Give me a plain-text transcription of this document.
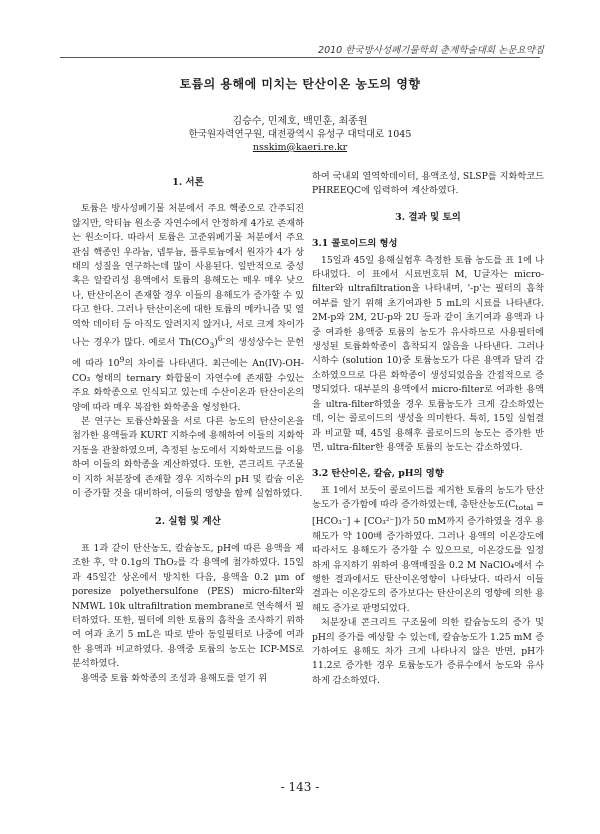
2010 한국방사성폐기물학회 춘계학술대회 논문요약집
토륨의 용해에 미치는 탄산이온 농도의 영향
김승수, 민제호, 백민훈, 최종원
한국원자력연구원, 대전광역시 유성구 대덕대로 1045
nsskim@kaeri.re.kr
1. 서론

토륨은 방사성폐기물 처분에서 주요 핵종으로 간주되진 않지만, 악티늄 원소중 자연수에서 안정하게 4가로 존재하는 원소이다. 따라서 토륨은 고준위폐기물 처분에서 주요 관심 핵종인 우라늄, 넵투늄, 플루토늄에서 원자가 4가 상태의 성질을 연구하는데 많이 사용된다. 일반적으로 중성 혹은 알칼리성 용액에서 토륨의 용해도는 매우 매우 낮으나, 탄산이온이 존재할 경우 이들의 용해도가 증가할 수 있다고 한다. 그러나 탄산이온에 대한 토륨의 메카니즘 및 열역학 데이터 등 아직도 알려지지 않거나, 서로 크게 차이가 나는 경우가 많다. 예로서 $Th(CO_3)^{6-}$의 생성상수는 문헌에 따라 $10^9$의 차이를 나타낸다. 최근에는 An(IV)-OH-CO₃ 형태의 ternary 화합물이 자연수에 존재할 수있는 주요 화학종으로 인식되고 있는데 수산이온과 탄산이온의 양에 따라 매우 복잡한 화학종을 형성한다.

본 연구는 토륨산화물을 서로 다른 농도의 탄산이온을 첨가한 용액들과 KURT 지하수에 용해하여 이들의 지화학 거동을 관찰하였으며, 측정된 농도에서 지화학코드를 이용하여 이들의 화학종을 계산하였다. 또한, 콘크리트 구조물이 지하 처분장에 존재할 경우 지하수의 pH 및 칼슘 이온이 증가할 것을 대비하여, 이들의 영향을 함께 실험하였다.

2. 실험 및 계산

표 1과 같이 탄산농도, 칼슘농도, pH에 따른 용액을 제조한 후, 약 0.1g의 ThO₂를 각 용액에 첨가하였다. 15일과 45일간 상온에서 방치한 다음, 용액을 0.2 μm of poresize polyethersulfone (PES) micro-filter와 NMWL 10k ultrafiltration membrane로 연속해서 필터하였다. 또한, 필터에 의한 토륨의 흡착을 조사하기 위하여 여과 초기 5 mL은 따로 받아 동일필터로 나중에 여과한 용액과 비교하였다. 용액중 토륨의 농도는 ICP-MS로 분석하였다.

용액중 토륨 화학종의 조성과 용해도를 얻기 위

하여 국내외 열역학데이터, 용액조성, SLSP를 지화학코드 PHREEQC에 입력하여 계산하였다.

3. 결과 및 토의
3.1 콜로이드의 형성

15일과 45일 용해실험후 측정한 토륨 농도를 표 1에 나타내었다. 이 표에서 시료번호뒤 M, U글자는 micro-filter와 ultrafiltration을 나타내며, '-p'는 필터의 흡착여부를 알기 위해 초기여과한 5 mL의 시료를 나타낸다. 2M-p와 2M, 2U-p와 2U 등과 같이 초기여과 용액과 나중 여과한 용액중 토륨의 농도가 유사하므로 사용필터에 생성된 토륨화학종이 흡착되지 않음을 나타낸다. 그러나 시하수 (solution 10)중 토륨농도가 다른 용액과 달리 감소하였으므로 다른 화학종이 생성되었음을 간접적으로 증명되었다. 대부분의 용액에서 micro-filter로 여과한 용액을 ultra-filter하였을 경우 토륨농도가 크게 감소하였는데, 이는 콜로이드의 생성을 의미한다. 특히, 15일 실험결과 비교할 때, 45일 용해후 콜로이드의 농도는 증가한 반면, ultra-filter한 용액중 토륨의 농도는 감소하였다.

3.2 탄산이온, 칼슘, pH의 영향

표 1에서 보듯이 콜로이드를 제거한 토륨의 농도가 탄산농도가 증가함에 따라 증가하였는데, 총탄산농도$(C_{total} = [HCO_3^-] + [CO_3^{2-}])$가 50 mM까지 증가하였을 경우 용해도가 약 100배 증가하였다. 그러나 용액의 이온강도에 따라서도 용해도가 증가할 수 있으므로, 이온강도를 일정하게 유지하기 위하여 용액매질을 0.2 M NaClO₄에서 수행한 결과에서도 탄산이온영향이 나타났다. 따라서 이들 결과는 이온강도의 증가보다는 탄산이온의 영향에 의한 용해도 증가로 판명되었다.

처분장내 콘크리트 구조물에 의한 칼슘농도의 증가 및 pH의 증가를 예상할 수 있는데, 칼슘농도가 1.25 mM 증가하여도 용해도 차가 크게 나타나지 않은 반면, pH가 11.2로 증가한 경우 토륨농도가 증류수에서 농도와 유사하게 감소하였다.

- 143 -
